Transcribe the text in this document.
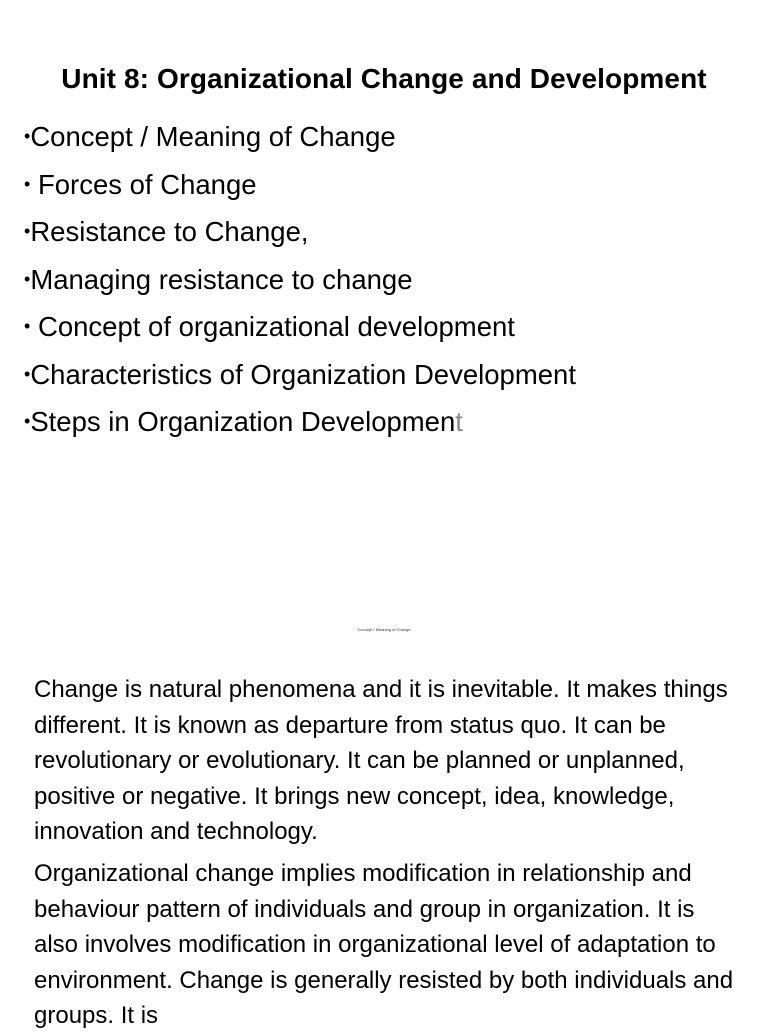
Unit 8: Organizational Change and Development
•Concept / Meaning of Change
• Forces of Change
•Resistance to Change,
•Managing resistance to change
• Concept of organizational development
•Characteristics of Organization Development
•Steps in Organization Development
Concept / Meaning of Change

Change is natural phenomena and it is inevitable. It makes things different. It is known as departure from status quo. It can be revolutionary or evolutionary. It can be planned or unplanned, positive or negative. It brings new concept, idea, knowledge, innovation and technology.

Organizational change implies modification in relationship and behaviour pattern of individuals and group in organization. It is also involves modification in organizational level of adaptation to environment. Change is generally resisted by both individuals and groups. It is
